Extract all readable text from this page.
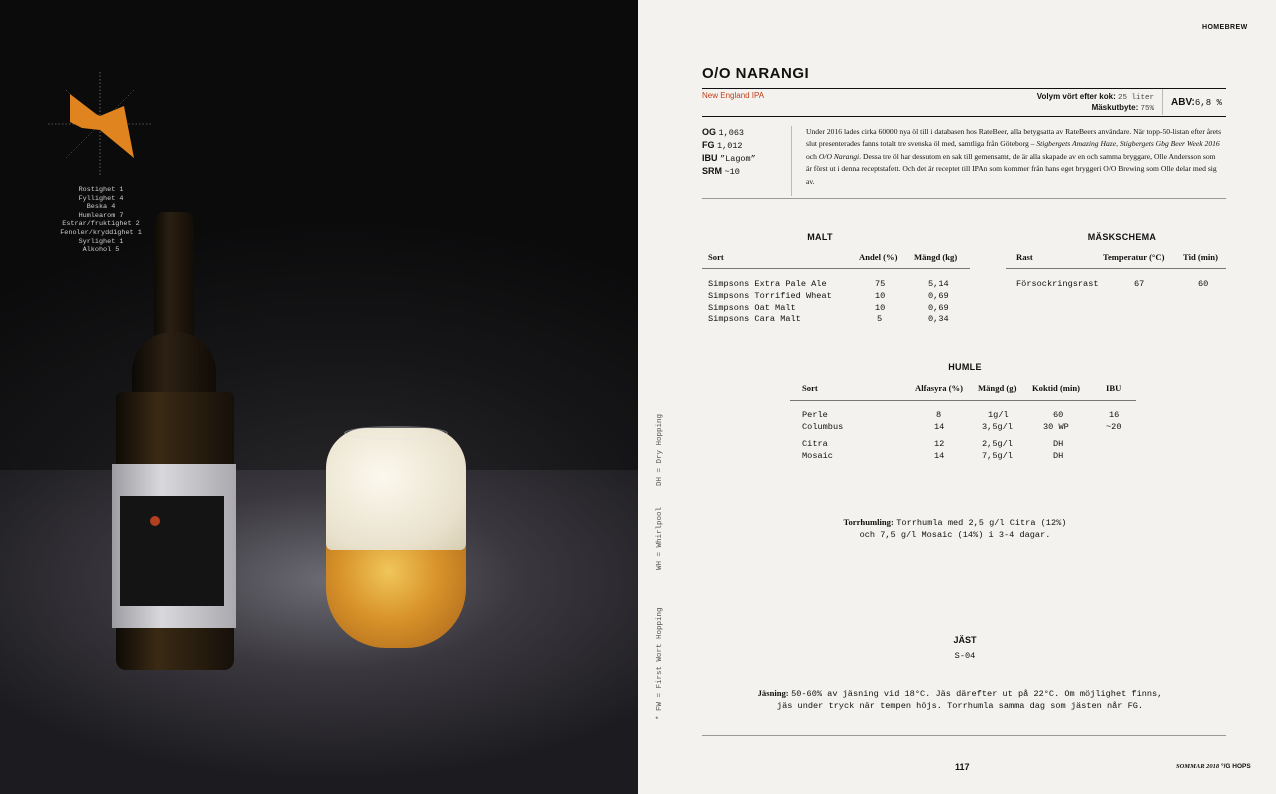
Rostighet 1
Fyllighet 4
Beska 4
Humlearom 7
Estrar/fruktighet 2
Fenoler/kryddighet 1
Syrlighet 1
Alkohol 5
* FW = First Wort Hopping
WH = Whirlpool
DH = Dry Hopping
HOMEBREW
O/O NARANGI
New England IPA	Volym vört efter kok: 25 liter
Mäskutbyte: 75%
ABV:6,8 %
OG 1,063
FG 1,012
IBU ”Lagom”
SRM ~10
Under 2016 lades cirka 60000 nya öl till i databasen hos RateBeer, alla betygsatta av RateBeers användare. När topp-50-listan efter årets slut presenterades fanns totalt tre svenska öl med, samtliga från Göteborg – Stigbergets Amazing Haze, Stigbergets Gbg Beer Week 2016 och O/O Narangi. Dessa tre öl har dessutom en sak till gemensamt, de är alla skapade av en och samma bryggare, Olle Andersson som är först ut i denna receptstafett. Och det är receptet till IPAn som kommer från hans eget bryggeri O/O Brewing som Olle delar med sig av.
MALT
Sort	Andel (%) Mängd (kg)
Simpsons Extra Pale Ale	75	5,14
Simpsons Torrified Wheat	10	0,69
Simpsons Oat Malt	10	0,69
Simpsons Cara Malt	5	0,34
MÄSKSCHEMA
Rast	Temperatur (°C) Tid (min)
Försockringsrast	67	60
HUMLE
Sort	Alfasyra (%) Mängd (g) Koktid (min)	IBU
Perle	8	1g/l	60	16
Columbus	14	3,5g/l	30 WP	~20
Citra	12	2,5g/l	DH
Mosaic	14	7,5g/l	DH
Torrhumling: Torrhumla med 2,5 g/l Citra (12%)
och 7,5 g/l Mosaic (14%) i 3-4 dagar.
JÄST
S-04
Jäsning: 50-60% av jäsning vid 18°C. Jäs därefter ut på 22°C. Om möjlighet finns,
jäs under tryck när tempen höjs. Torrhumla samma dag som jästen når FG.
117	SOMMAR 2018 °/G HOPS
